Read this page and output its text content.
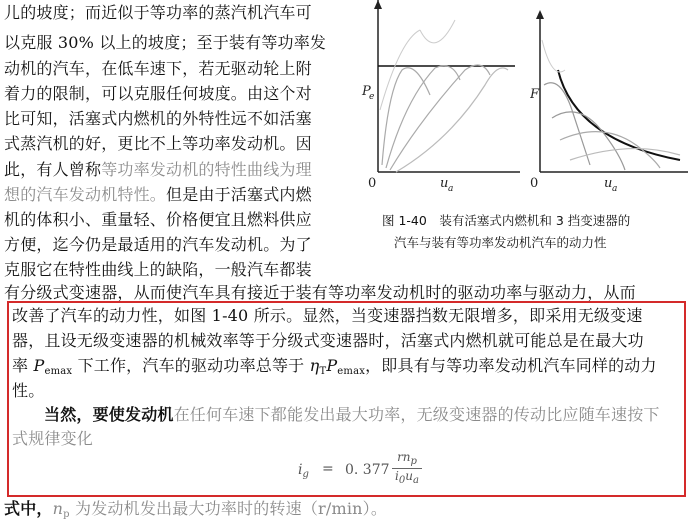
儿的坡度；而近似于等功率的蒸汽机汽车可
以克服 30% 以上的坡度；至于装有等功率发
动机的汽车，在低车速下，若无驱动轮上附
着力的限制，可以克服任何坡度。由这个对
比可知，活塞式内燃机的外特性远不如活塞
式蒸汽机的好，更比不上等功率发动机。因
此，有人曾称等功率发动机的特性曲线为理
想的汽车发动机特性。但是由于活塞式内燃
机的体积小、重量轻、价格便宜且燃料供应
方便，迄今仍是最适用的汽车发动机。为了
克服它在特性曲线上的缺陷，一般汽车都装
P
e
0	u a
F
0	u a
图 1-40　装有活塞式内燃机和 3 挡变速器的
汽车与装有等功率发动机汽车的动力性
有分级式变速器，从而使汽车具有接近于装有等功率发动机时的驱动功率与驱动力，从而
改善了汽车的动力性，如图 1-40 所示。显然，当变速器挡数无限增多，即采用无级变速
器，且设无级变速器的机械效率等于分级式变速器时，活塞式内燃机就可能总是在最大功
率 $P_{emax}$ 下工作，汽车的驱动功率总等于 $\eta_TP_{emax}$，即具有与等功率发动机汽车同样的动力
性。
当然，要使发动机在任何车速下都能发出最大功率，无级变速器的传动比应随车速按下
式规律变化
$i_g = 0$. 377
$rn_p$
$i_0u_a$
式中，$n_p$ 为发动机发出最大功率时的转速（r/min）。
